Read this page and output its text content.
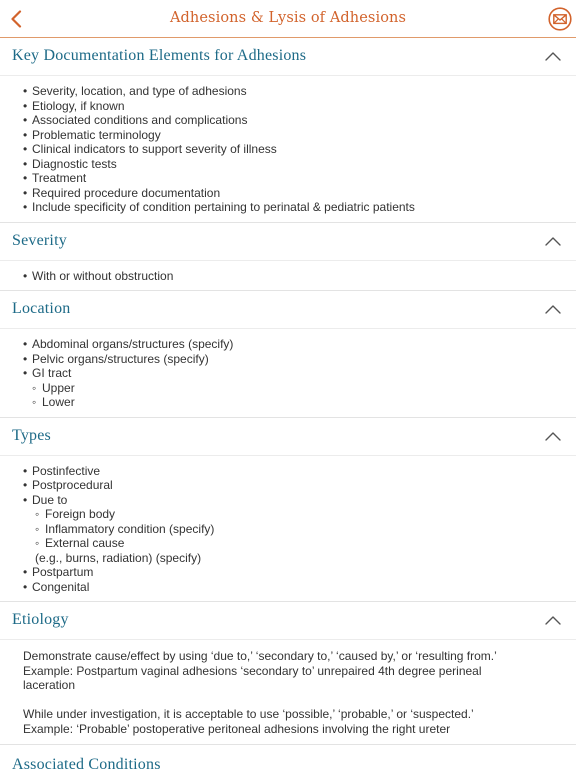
Adhesions & Lysis of Adhesions
Key Documentation Elements for Adhesions
• Severity, location, and type of adhesions
• Etiology, if known
• Associated conditions and complications
• Problematic terminology
• Clinical indicators to support severity of illness
• Diagnostic tests
• Treatment
• Required procedure documentation
• Include specificity of condition pertaining to perinatal & pediatric patients
Severity
• With or without obstruction
Location
• Abdominal organs/structures (specify)
• Pelvic organs/structures (specify)
• GI tract
◦ Upper
◦ Lower
Types
• Postinfective
• Postprocedural
• Due to
◦ Foreign body
◦ Inflammatory condition (specify)
◦ External cause
(e.g., burns, radiation) (specify)
• Postpartum
• Congenital
Etiology
Demonstrate cause/effect by using ‘due to,’ ‘secondary to,’ ‘caused by,’ or ‘resulting from.’
Example: Postpartum vaginal adhesions ‘secondary to’ unrepaired 4th degree perineal laceration
While under investigation, it is acceptable to use ‘possible,’ ‘probable,’ or ‘suspected.’
Example: ‘Probable’ postoperative peritoneal adhesions involving the right ureter
Associated Conditions
